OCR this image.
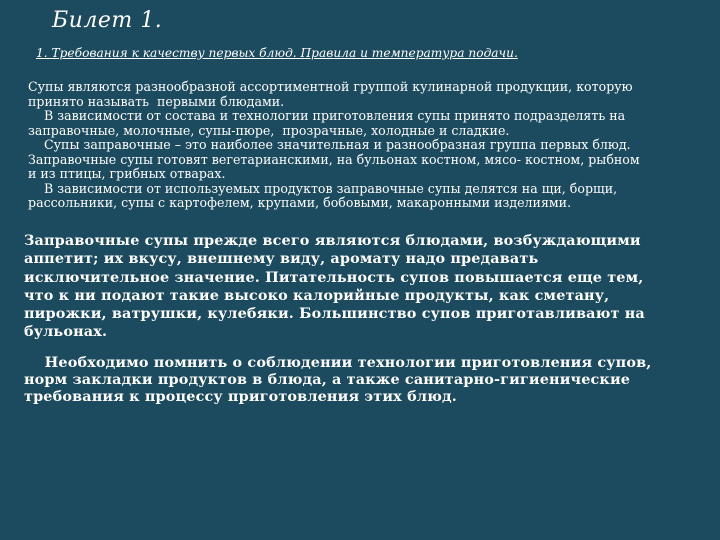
Билет 1.
1. Требования к качеству первых блюд. Правила и температура подачи.

Супы являются разнообразной ассортиментной группой кулинарной продукции, которую

принято называть  первыми блюдами.

В зависимости от состава и технологии приготовления супы принято подразделять на

заправочные, молочные, супы-пюре,  прозрачные, холодные и сладкие.

Супы заправочные – это наиболее значительная и разнообразная группа первых блюд.

Заправочные супы готовят вегетарианскими, на бульонах костном, мясо- костном, рыбном

и из птицы, грибных отварах.

В зависимости от используемых продуктов заправочные супы делятся на щи, борщи,

рассольники, супы с картофелем, крупами, бобовыми, макаронными изделиями.

Заправочные супы прежде всего являются блюдами, возбуждающими

аппетит; их вкусу, внешнему виду, аромату надо предавать

исключительное значение. Питательность супов повышается еще тем,

что к ни подают такие высоко калорийные продукты, как сметану,

пирожки, ватрушки, кулебяки. Большинство супов приготавливают на

бульонах.

Необходимо помнить о соблюдении технологии приготовления супов,

норм закладки продуктов в блюда, а также санитарно-гигиенические

требования к процессу приготовления этих блюд.
